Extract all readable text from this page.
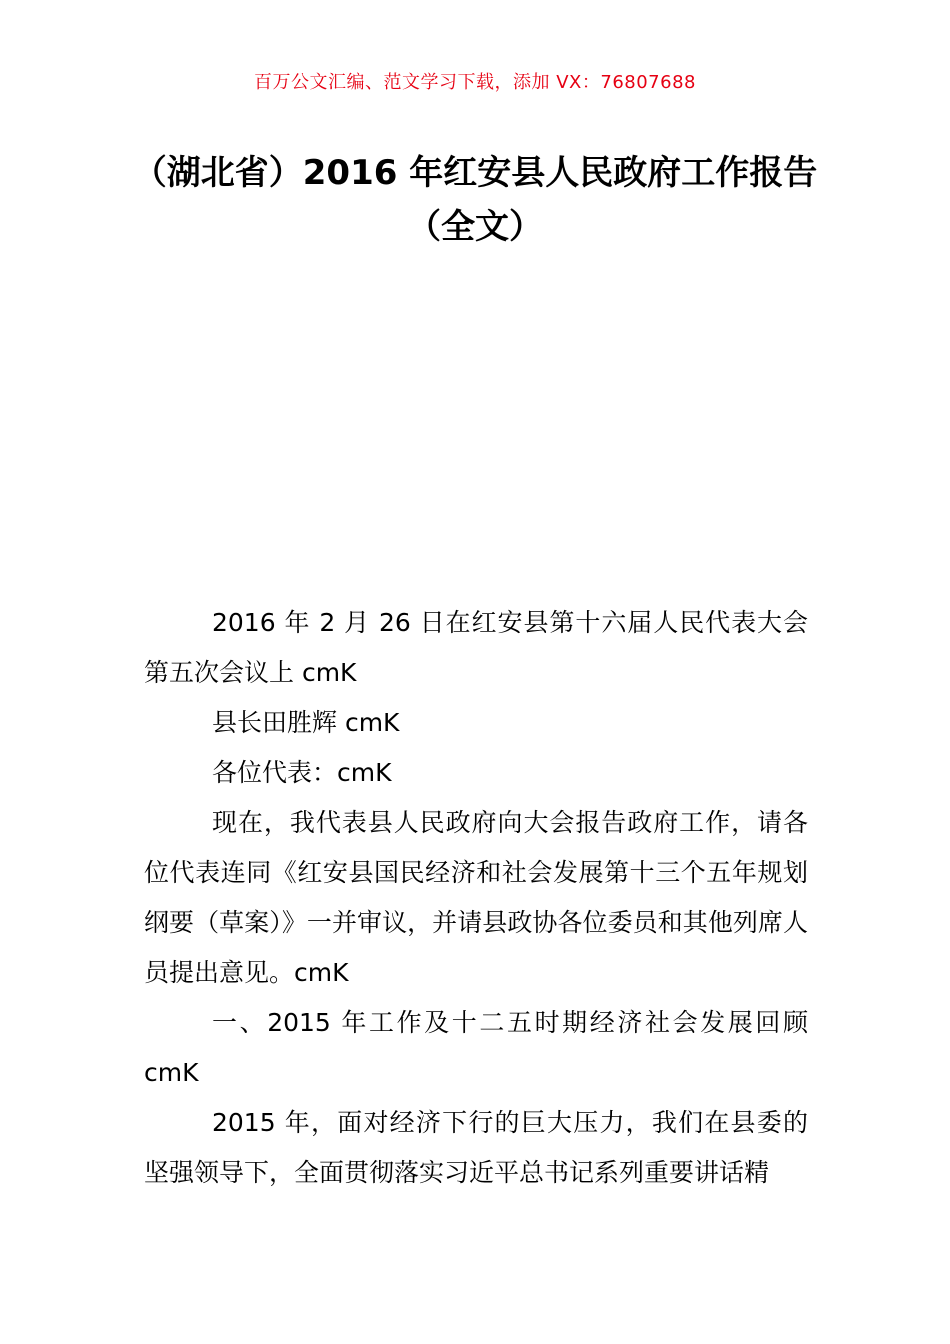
百万公文汇编、范文学习下载，添加 VX：76807688
（湖北省）2016 年红安县人民政府工作报告（全文）

2016 年 2 月 26 日在红安县第十六届人民代表大会第五次会议上 cmK

县长田胜辉 cmK

各位代表：cmK

现在，我代表县人民政府向大会报告政府工作，请各位代表连同《红安县国民经济和社会发展第十三个五年规划纲要（草案）》一并审议，并请县政协各位委员和其他列席人员提出意见。cmK

一、2015 年工作及十二五时期经济社会发展回顾 cmK

2015 年，面对经济下行的巨大压力，我们在县委的坚强领导下，全面贯彻落实习近平总书记系列重要讲话精
